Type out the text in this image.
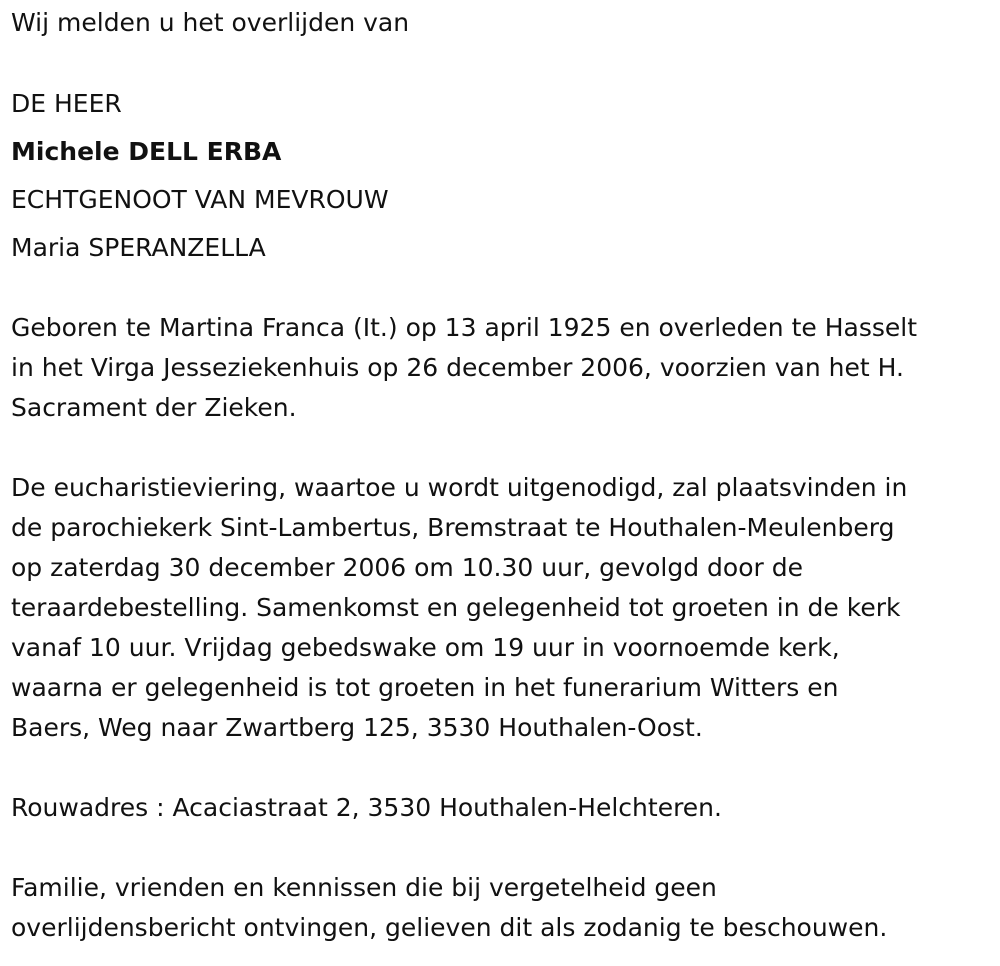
Wij melden u het overlijden van

DE HEER

Michele DELL ERBA

ECHTGENOOT VAN MEVROUW

Maria SPERANZELLA

Geboren te Martina Franca (It.) op 13 april 1925 en overleden te Hasselt

in het Virga Jesseziekenhuis op 26 december 2006, voorzien van het H.

Sacrament der Zieken.

De eucharistieviering, waartoe u wordt uitgenodigd, zal plaatsvinden in

de parochiekerk Sint-Lambertus, Bremstraat te Houthalen-Meulenberg

op zaterdag 30 december 2006 om 10.30 uur, gevolgd door de

teraardebestelling. Samenkomst en gelegenheid tot groeten in de kerk

vanaf 10 uur. Vrijdag gebedswake om 19 uur in voornoemde kerk,

waarna er gelegenheid is tot groeten in het funerarium Witters en

Baers, Weg naar Zwartberg 125, 3530 Houthalen-Oost.

Rouwadres : Acaciastraat 2, 3530 Houthalen-Helchteren.

Familie, vrienden en kennissen die bij vergetelheid geen

overlijdensbericht ontvingen, gelieven dit als zodanig te beschouwen.
